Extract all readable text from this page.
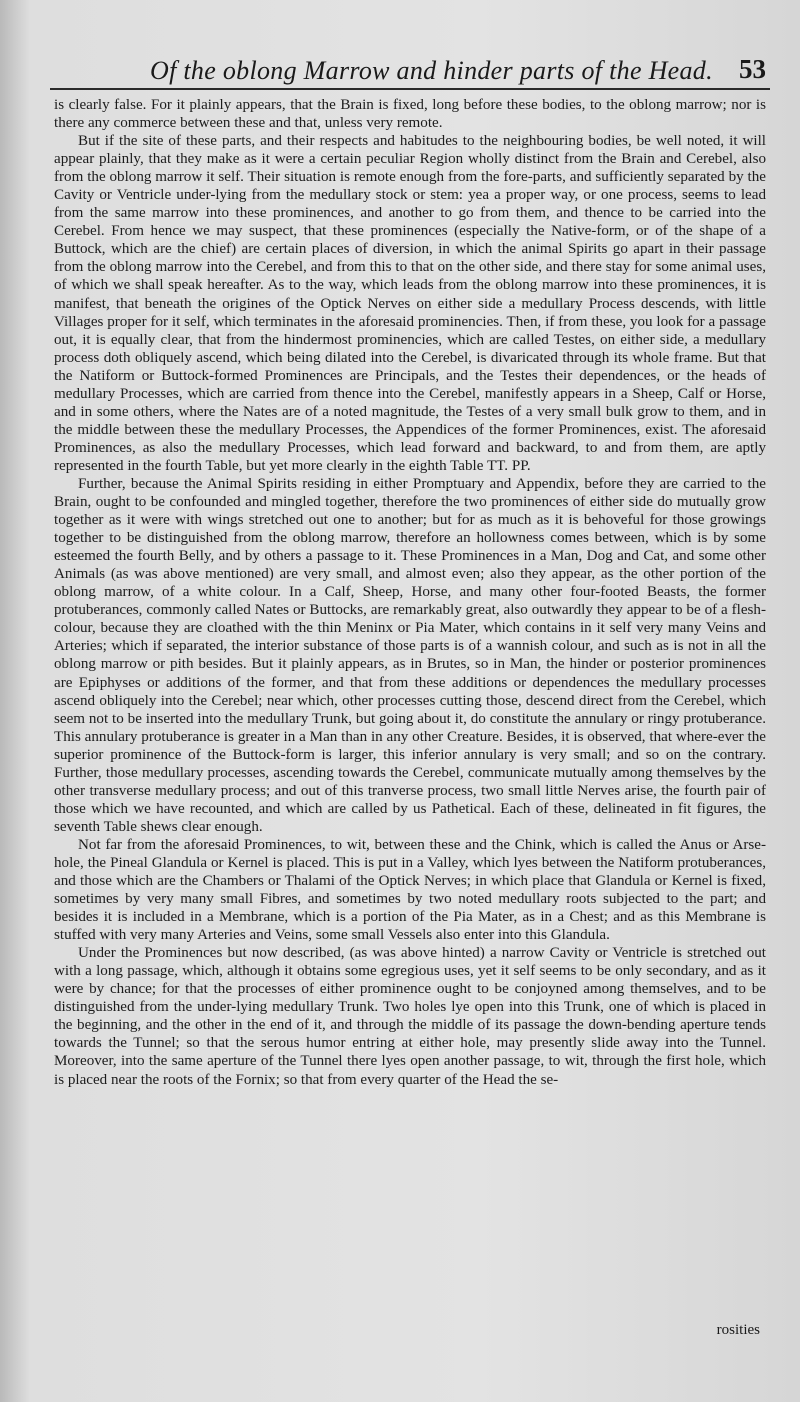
Of the oblong Marrow and hinder parts of the Head. 53

is clearly false. For it plainly appears, that the Brain is fixed, long before these bodies, to the oblong marrow; nor is there any commerce between these and that, unless very remote.

But if the site of these parts, and their respects and habitudes to the neighbouring bodies, be well noted, it will appear plainly, that they make as it were a certain peculiar Region wholly distinct from the Brain and Cerebel, also from the oblong marrow it self. Their situation is remote enough from the fore-parts, and sufficiently separated by the Cavity or Ventricle under-lying from the medullary stock or stem: yea a proper way, or one process, seems to lead from the same marrow into these prominences, and another to go from them, and thence to be carried into the Cerebel. From hence we may suspect, that these prominences (especially the Native-form, or of the shape of a Buttock, which are the chief) are certain places of diversion, in which the animal Spirits go apart in their passage from the oblong marrow into the Cerebel, and from this to that on the other side, and there stay for some animal uses, of which we shall speak hereafter. As to the way, which leads from the oblong marrow into these prominences, it is manifest, that beneath the origines of the Optick Nerves on either side a medullary Process descends, with little Villages proper for it self, which terminates in the aforesaid prominencies. Then, if from these, you look for a passage out, it is equally clear, that from the hindermost prominencies, which are called Testes, on either side, a medullary process doth obliquely ascend, which being dilated into the Cerebel, is divaricated through its whole frame. But that the Natiform or Buttock-formed Prominences are Principals, and the Testes their dependences, or the heads of medullary Processes, which are carried from thence into the Cerebel, manifestly appears in a Sheep, Calf or Horse, and in some others, where the Nates are of a noted magnitude, the Testes of a very small bulk grow to them, and in the middle between these the medullary Processes, the Appendices of the former Prominences, exist. The aforesaid Prominences, as also the medullary Processes, which lead forward and backward, to and from them, are aptly represented in the fourth Table, but yet more clearly in the eighth Table TT. PP.

Further, because the Animal Spirits residing in either Promptuary and Appendix, before they are carried to the Brain, ought to be confounded and mingled together, therefore the two prominences of either side do mutually grow together as it were with wings stretched out one to another; but for as much as it is behoveful for those growings together to be distinguished from the oblong marrow, therefore an hollowness comes between, which is by some esteemed the fourth Belly, and by others a passage to it. These Prominences in a Man, Dog and Cat, and some other Animals (as was above mentioned) are very small, and almost even; also they appear, as the other portion of the oblong marrow, of a white colour. In a Calf, Sheep, Horse, and many other four-footed Beasts, the former protuberances, commonly called Nates or Buttocks, are remarkably great, also outwardly they appear to be of a flesh-colour, because they are cloathed with the thin Meninx or Pia Mater, which contains in it self very many Veins and Arteries; which if separated, the interior substance of those parts is of a wannish colour, and such as is not in all the oblong marrow or pith besides. But it plainly appears, as in Brutes, so in Man, the hinder or posterior prominences are Epiphyses or additions of the former, and that from these additions or dependences the medullary processes ascend obliquely into the Cerebel; near which, other processes cutting those, descend direct from the Cerebel, which seem not to be inserted into the medullary Trunk, but going about it, do constitute the annulary or ringy protuberance. This annulary protuberance is greater in a Man than in any other Creature. Besides, it is observed, that where-ever the superior prominence of the Buttock-form is larger, this inferior annulary is very small; and so on the contrary. Further, those medullary processes, ascending towards the Cerebel, communicate mutually among themselves by the other transverse medullary process; and out of this tranverse process, two small little Nerves arise, the fourth pair of those which we have recounted, and which are called by us Pathetical. Each of these, delineated in fit figures, the seventh Table shews clear enough.

Not far from the aforesaid Prominences, to wit, between these and the Chink, which is called the Anus or Arse-hole, the Pineal Glandula or Kernel is placed. This is put in a Valley, which lyes between the Natiform protuberances, and those which are the Chambers or Thalami of the Optick Nerves; in which place that Glandula or Kernel is fixed, sometimes by very many small Fibres, and sometimes by two noted medullary roots subjected to the part; and besides it is included in a Membrane, which is a portion of the Pia Mater, as in a Chest; and as this Membrane is stuffed with very many Arteries and Veins, some small Vessels also enter into this Glandula.

Under the Prominences but now described, (as was above hinted) a narrow Cavity or Ventricle is stretched out with a long passage, which, although it obtains some egregious uses, yet it self seems to be only secondary, and as it were by chance; for that the processes of either prominence ought to be conjoyned among themselves, and to be distinguished from the under-lying medullary Trunk. Two holes lye open into this Trunk, one of which is placed in the beginning, and the other in the end of it, and through the middle of its passage the down-bending aperture tends towards the Tunnel; so that the serous humor entring at either hole, may presently slide away into the Tunnel. Moreover, into the same aperture of the Tunnel there lyes open another passage, to wit, through the first hole, which is placed near the roots of the Fornix; so that from every quarter of the Head the se-

rosities
